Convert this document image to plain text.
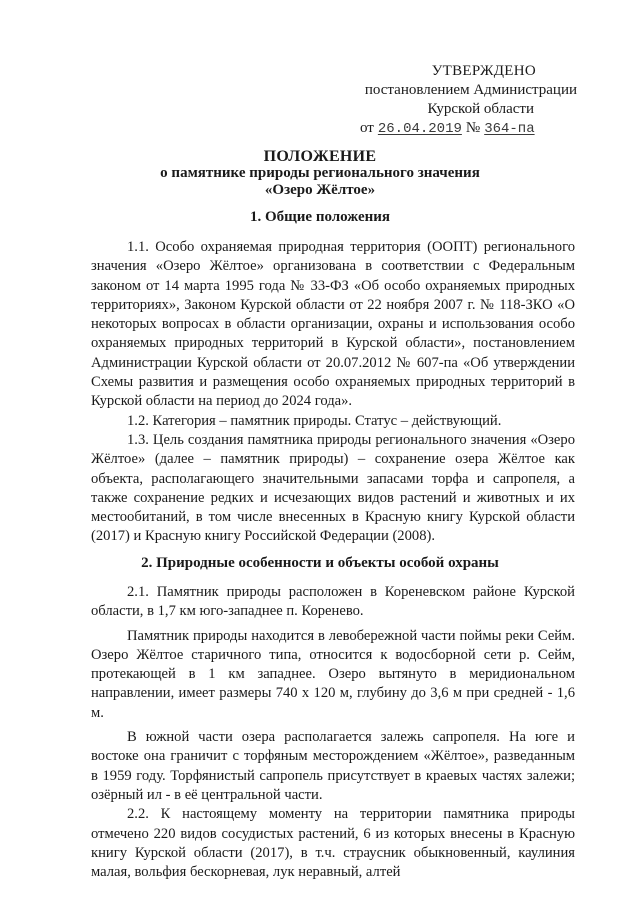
УТВЕРЖДЕНО
постановлением Администрации
Курской области
от 26.04.2019 № 364-па
ПОЛОЖЕНИЕ
о памятнике природы регионального значения
«Озеро Жёлтое»
1. Общие положения

1.1. Особо охраняемая природная территория (ООПТ) регионального значения «Озеро Жёлтое» организована в соответствии с Федеральным законом от 14 марта 1995 года № 33-ФЗ «Об особо охраняемых природных территориях», Законом Курской области от 22 ноября 2007 г. № 118-ЗКО «О некоторых вопросах в области организации, охраны и использования особо охраняемых природных территорий в Курской области», постановлением Администрации Курской области от 20.07.2012 № 607-па «Об утверждении Схемы развития и размещения особо охраняемых природных территорий в Курской области на период до 2024 года».

1.2. Категория – памятник природы. Статус – действующий.

1.3. Цель создания памятника природы регионального значения «Озеро Жёлтое» (далее – памятник природы) – сохранение озера Жёлтое как объекта, располагающего значительными запасами торфа и сапропеля, а также сохранение редких и исчезающих видов растений и животных и их местообитаний, в том числе внесенных в Красную книгу Курской области (2017) и Красную книгу Российской Федерации (2008).

2. Природные особенности и объекты особой охраны

2.1. Памятник природы расположен в Кореневском районе Курской области, в 1,7 км юго-западнее п. Коренево.

Памятник природы находится в левобережной части поймы реки Сейм. Озеро Жёлтое старичного типа, относится к водосборной сети р. Сейм, протекающей в 1 км западнее. Озеро вытянуто в меридиональном направлении, имеет размеры 740 х 120 м, глубину до 3,6 м при средней - 1,6 м.

В южной части озера располагается залежь сапропеля. На юге и востоке она граничит с торфяным месторождением «Жёлтое», разведанным в 1959 году. Торфянистый сапропель присутствует в краевых частях залежи; озёрный ил - в её центральной части.

2.2. К настоящему моменту на территории памятника природы отмечено 220 видов сосудистых растений, 6 из которых внесены в Красную книгу Курской области (2017), в т.ч. страусник обыкновенный, каулиния малая, вольфия бескорневая, лук неравный, алтей
